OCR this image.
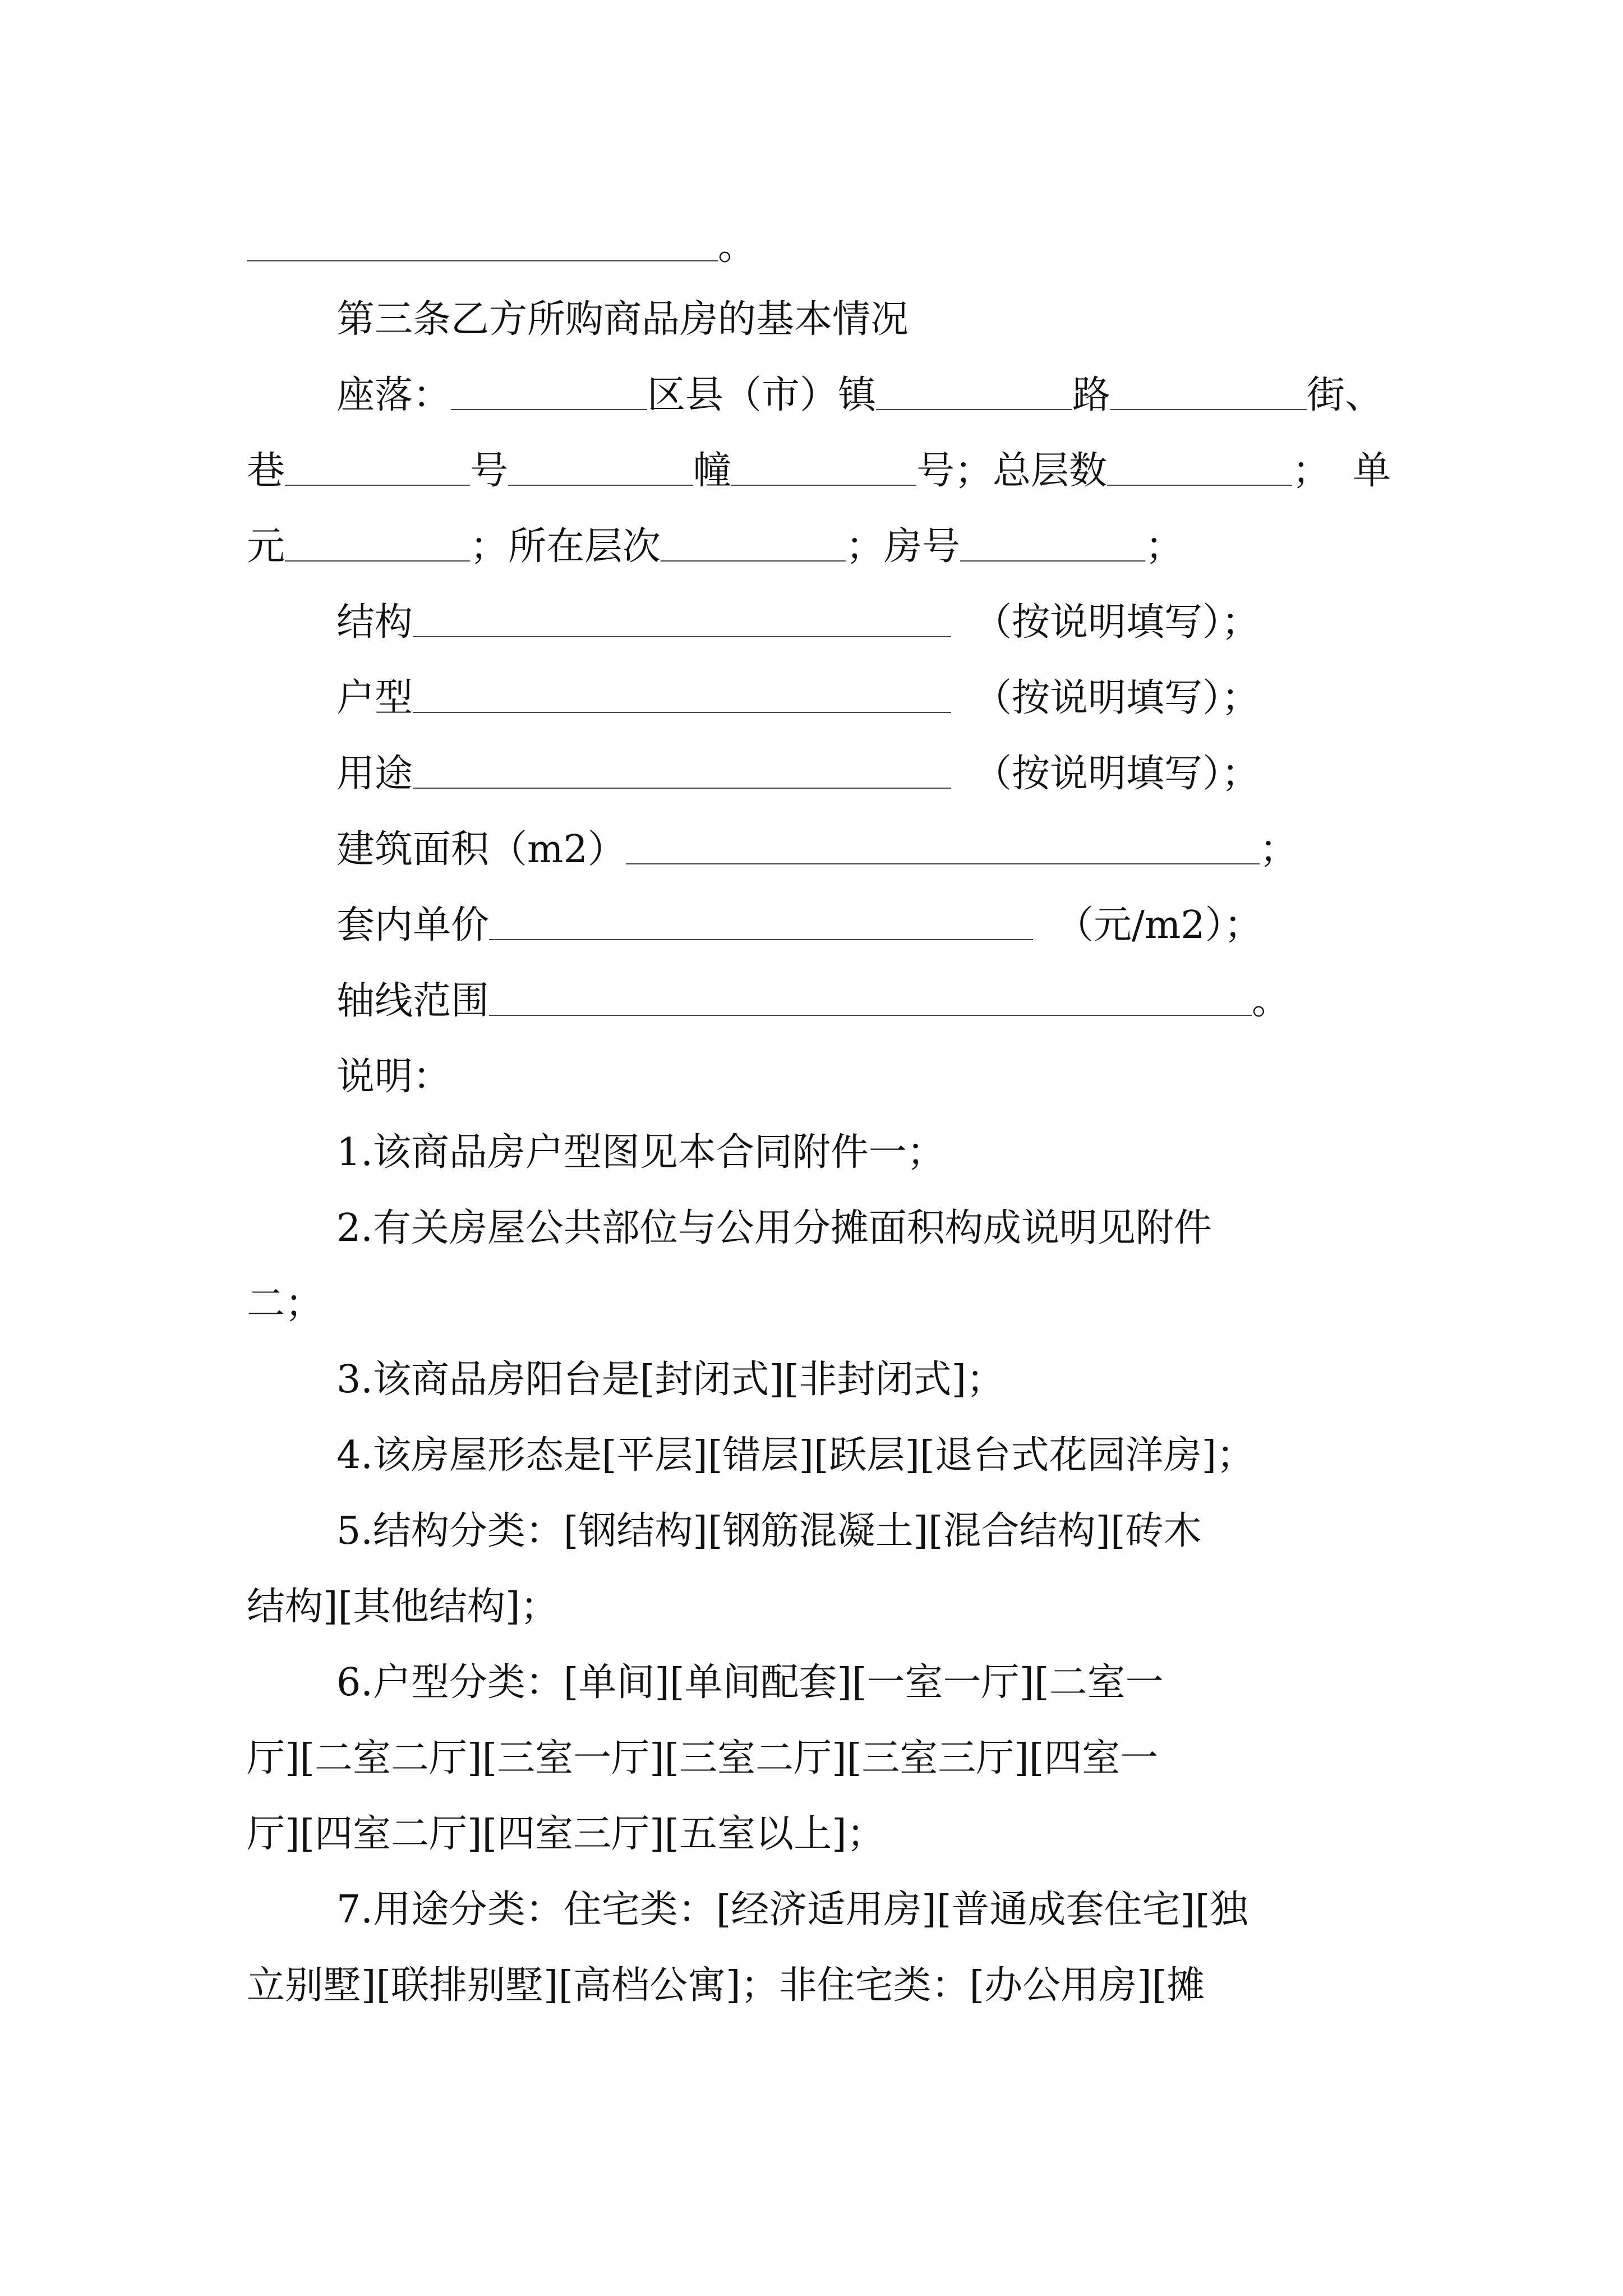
。
第三条乙方所购商品房的基本情况
座落：	区县（市）镇	路	街、
巷	号	幢	号；总层数	； 单
元	；所在层次	；房号	；
结构	（按说明填写）；
户型	（按说明填写）；
用途	（按说明填写）；
建筑面积（m2）	；
套内单价	（元/m2）；
轴线范围	。
说明：
1.该商品房户型图见本合同附件一；
2.有关房屋公共部位与公用分摊面积构成说明见附件
二；
3.该商品房阳台是[封闭式][非封闭式]；
4.该房屋形态是[平层][错层][跃层][退台式花园洋房]；
5.结构分类：[钢结构][钢筋混凝土][混合结构][砖木
结构][其他结构]；
6.户型分类：[单间][单间配套][一室一厅][二室一
厅][二室二厅][三室一厅][三室二厅][三室三厅][四室一
厅][四室二厅][四室三厅][五室以上]；
7.用途分类：住宅类：[经济适用房][普通成套住宅][独
立别墅][联排别墅][高档公寓]；非住宅类：[办公用房][摊
